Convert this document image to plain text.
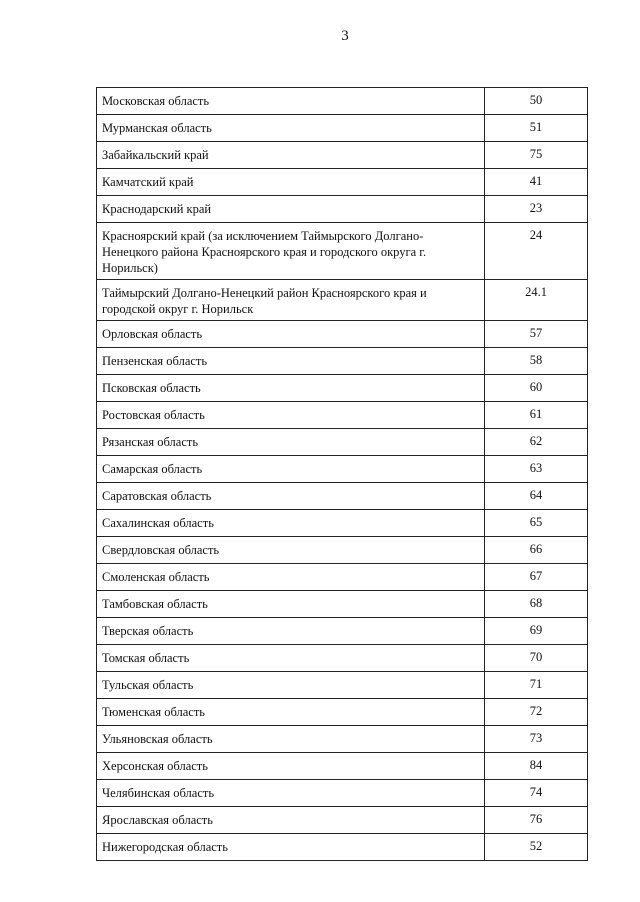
3
Московская область	50
Мурманская область	51
Забайкальский край	75
Камчатский край	41
Краснодарский край	23
Красноярский край (за исключением Таймырского Долгано-Ненецкого района Красноярского края и городского округа г. Норильск)	24
Таймырский Долгано-Ненецкий район Красноярского края и городской округ г. Норильск	24.1
Орловская область	57
Пензенская область	58
Псковская область	60
Ростовская область	61
Рязанская область	62
Самарская область	63
Саратовская область	64
Сахалинская область	65
Свердловская область	66
Смоленская область	67
Тамбовская область	68
Тверская область	69
Томская область	70
Тульская область	71
Тюменская область	72
Ульяновская область	73
Херсонская область	84
Челябинская область	74
Ярославская область	76
Нижегородская область	52
